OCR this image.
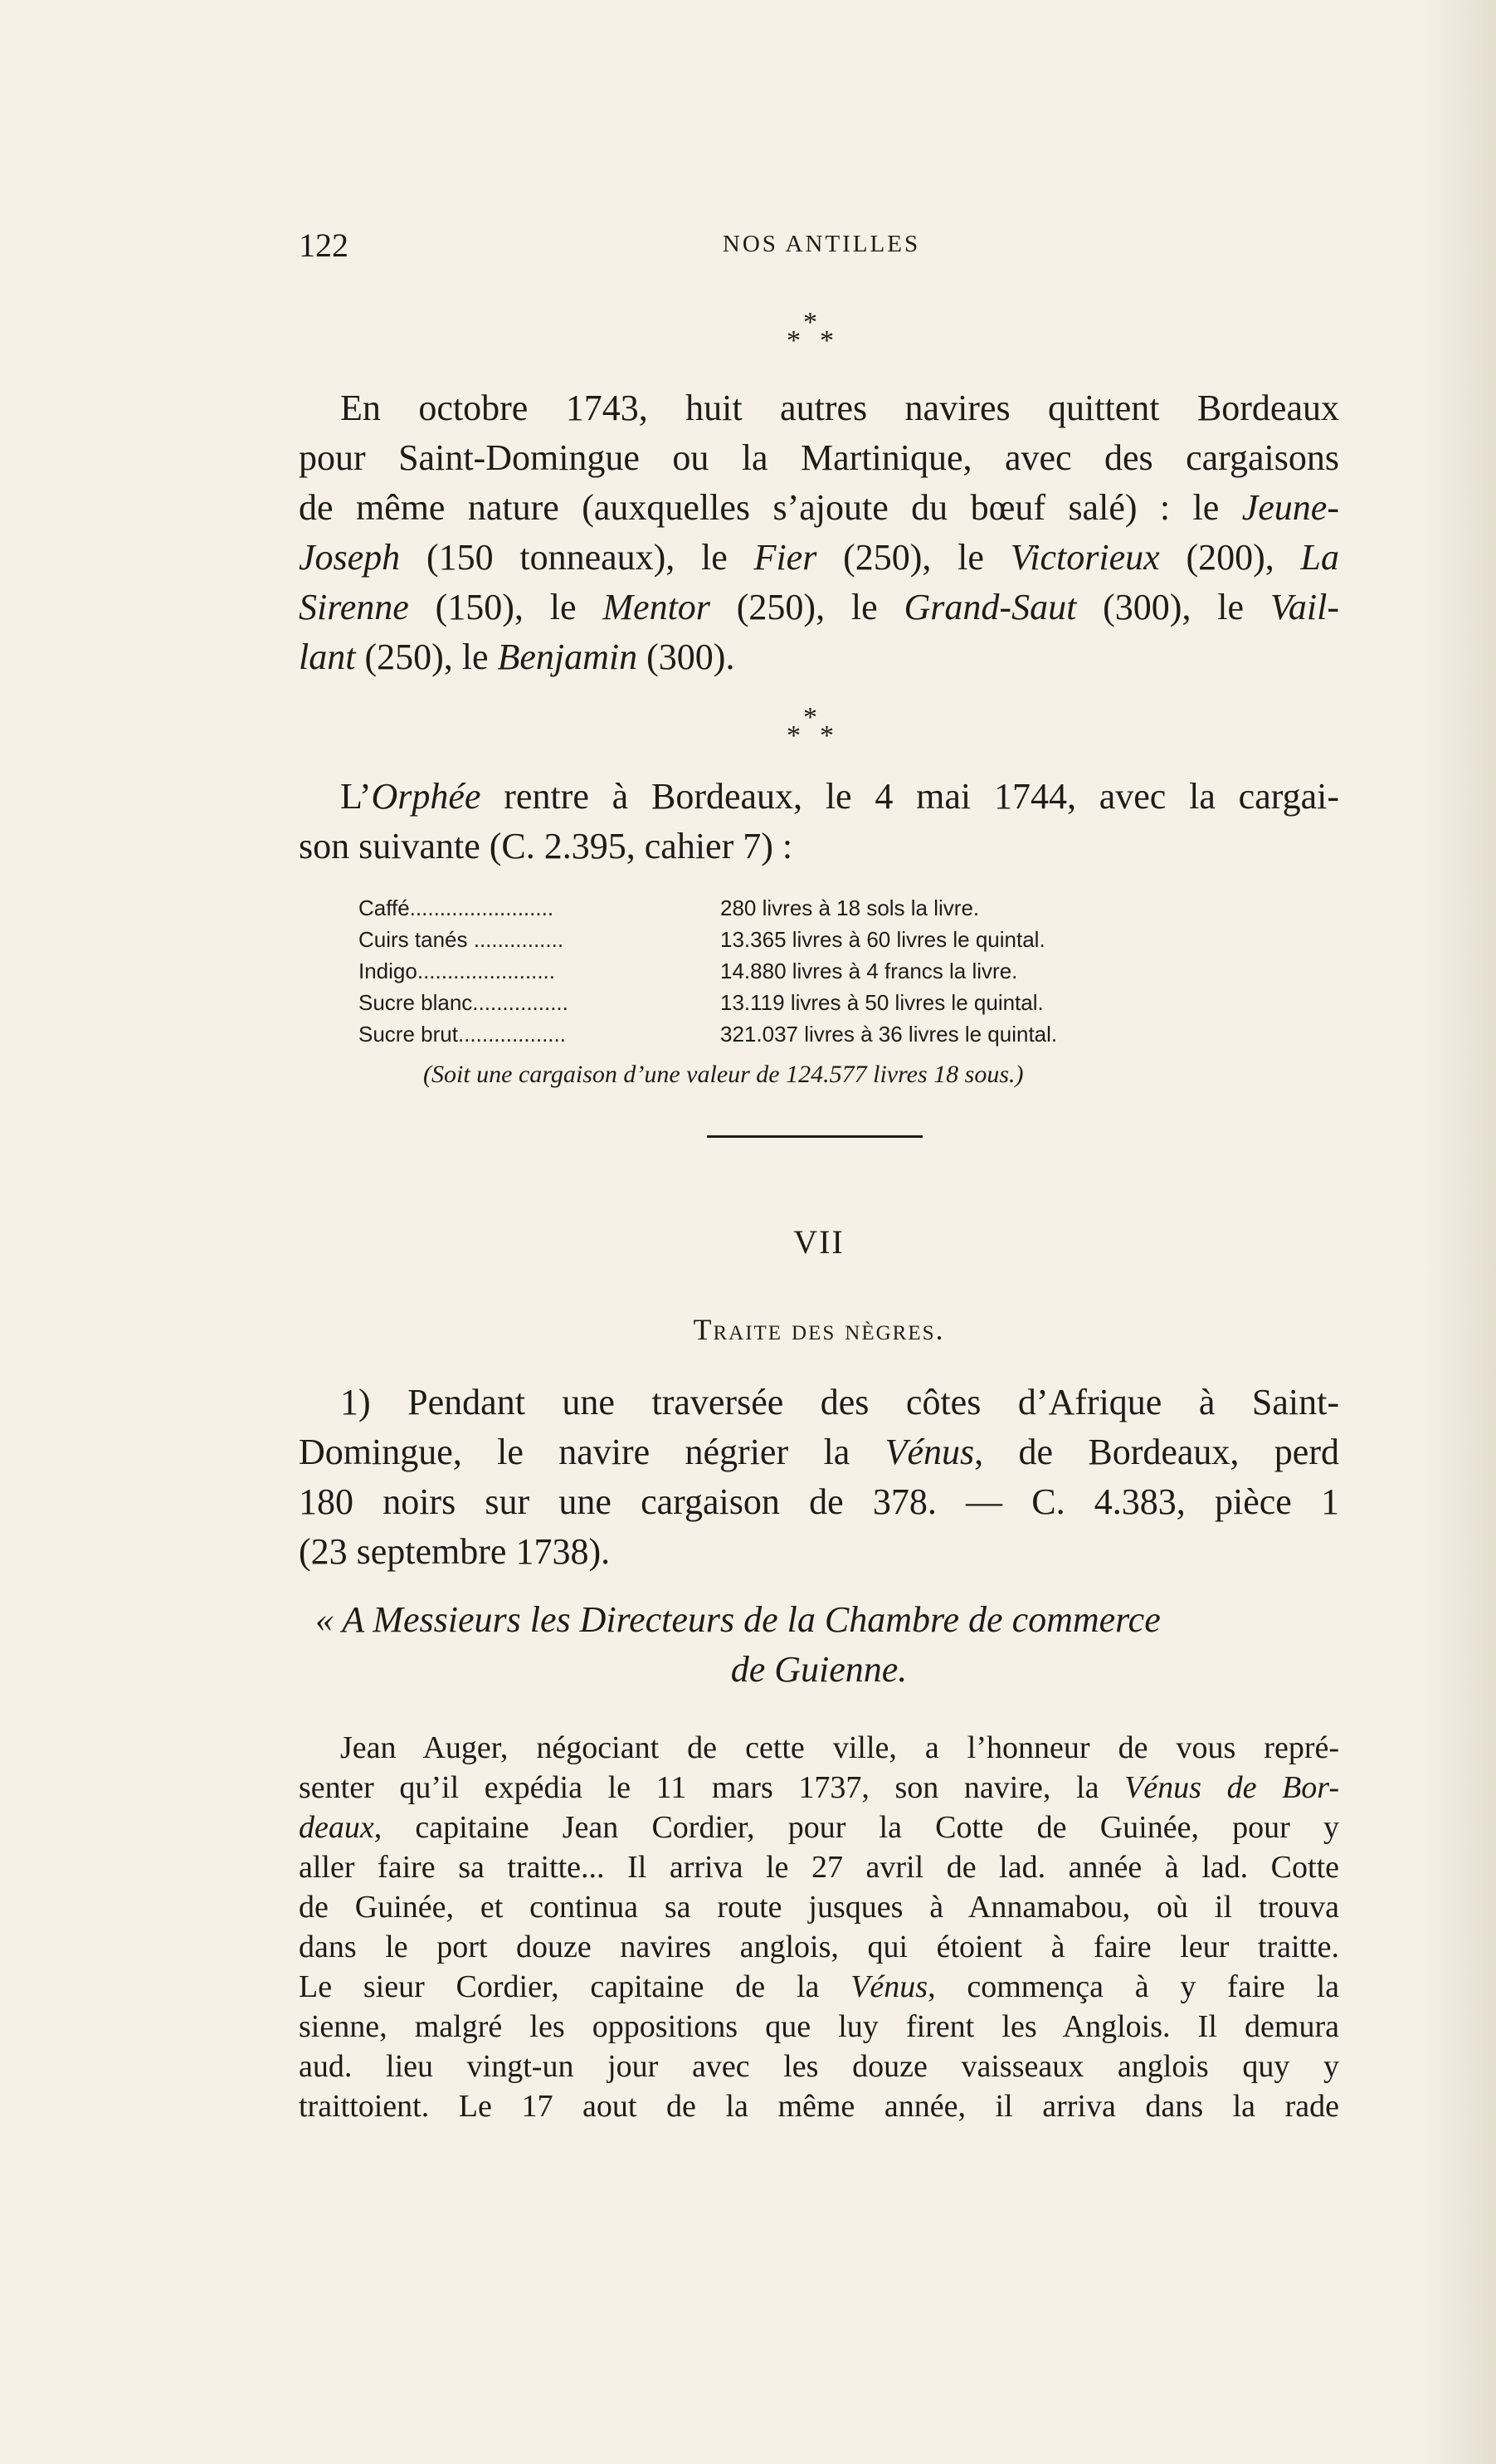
122	NOS ANTILLES
*
* *

En octobre 1743, huit autres navires quittent Bordeaux
pour Saint-Domingue ou la Martinique, avec des cargaisons
de même nature (auxquelles s’ajoute du bœuf salé) : le Jeune-
Joseph (150 tonneaux), le Fier (250), le Victorieux (200), La
Sirenne (150), le Mentor (250), le Grand-Saut (300), le Vail-
lant (250), le Benjamin (300).

*
* *

L’Orphée rentre à Bordeaux, le 4 mai 1744, avec la cargai-
son suivante (C. 2.395, cahier 7) :

Caffé........................	280 livres à 18 sols la livre.
Cuirs tanés ...............	13.365 livres à 60 livres le quintal.
Indigo.......................	14.880 livres à 4 francs la livre.
Sucre blanc................	13.119 livres à 50 livres le quintal.
Sucre brut..................	321.037 livres à 36 livres le quintal.
(Soit une cargaison d’une valeur de 124.577 livres 18 sous.)
VII
Traite des nègres.

1) Pendant une traversée des côtes d’Afrique à Saint-
Domingue, le navire négrier la Vénus, de Bordeaux, perd
180 noirs sur une cargaison de 378. — C. 4.383, pièce 1
(23 septembre 1738).

« A Messieurs les Directeurs de la Chambre de commerce
de Guienne.

Jean Auger, négociant de cette ville, a l’honneur de vous repré-
senter qu’il expédia le 11 mars 1737, son navire, la Vénus de Bor-
deaux, capitaine Jean Cordier, pour la Cotte de Guinée, pour y
aller faire sa traitte... Il arriva le 27 avril de lad. année à lad. Cotte
de Guinée, et continua sa route jusques à Annamabou, où il trouva
dans le port douze navires anglois, qui étoient à faire leur traitte.
Le sieur Cordier, capitaine de la Vénus, commença à y faire la
sienne, malgré les oppositions que luy firent les Anglois. Il demura
aud. lieu vingt-un jour avec les douze vaisseaux anglois quy y
traittoient. Le 17 aout de la même année, il arriva dans la rade
